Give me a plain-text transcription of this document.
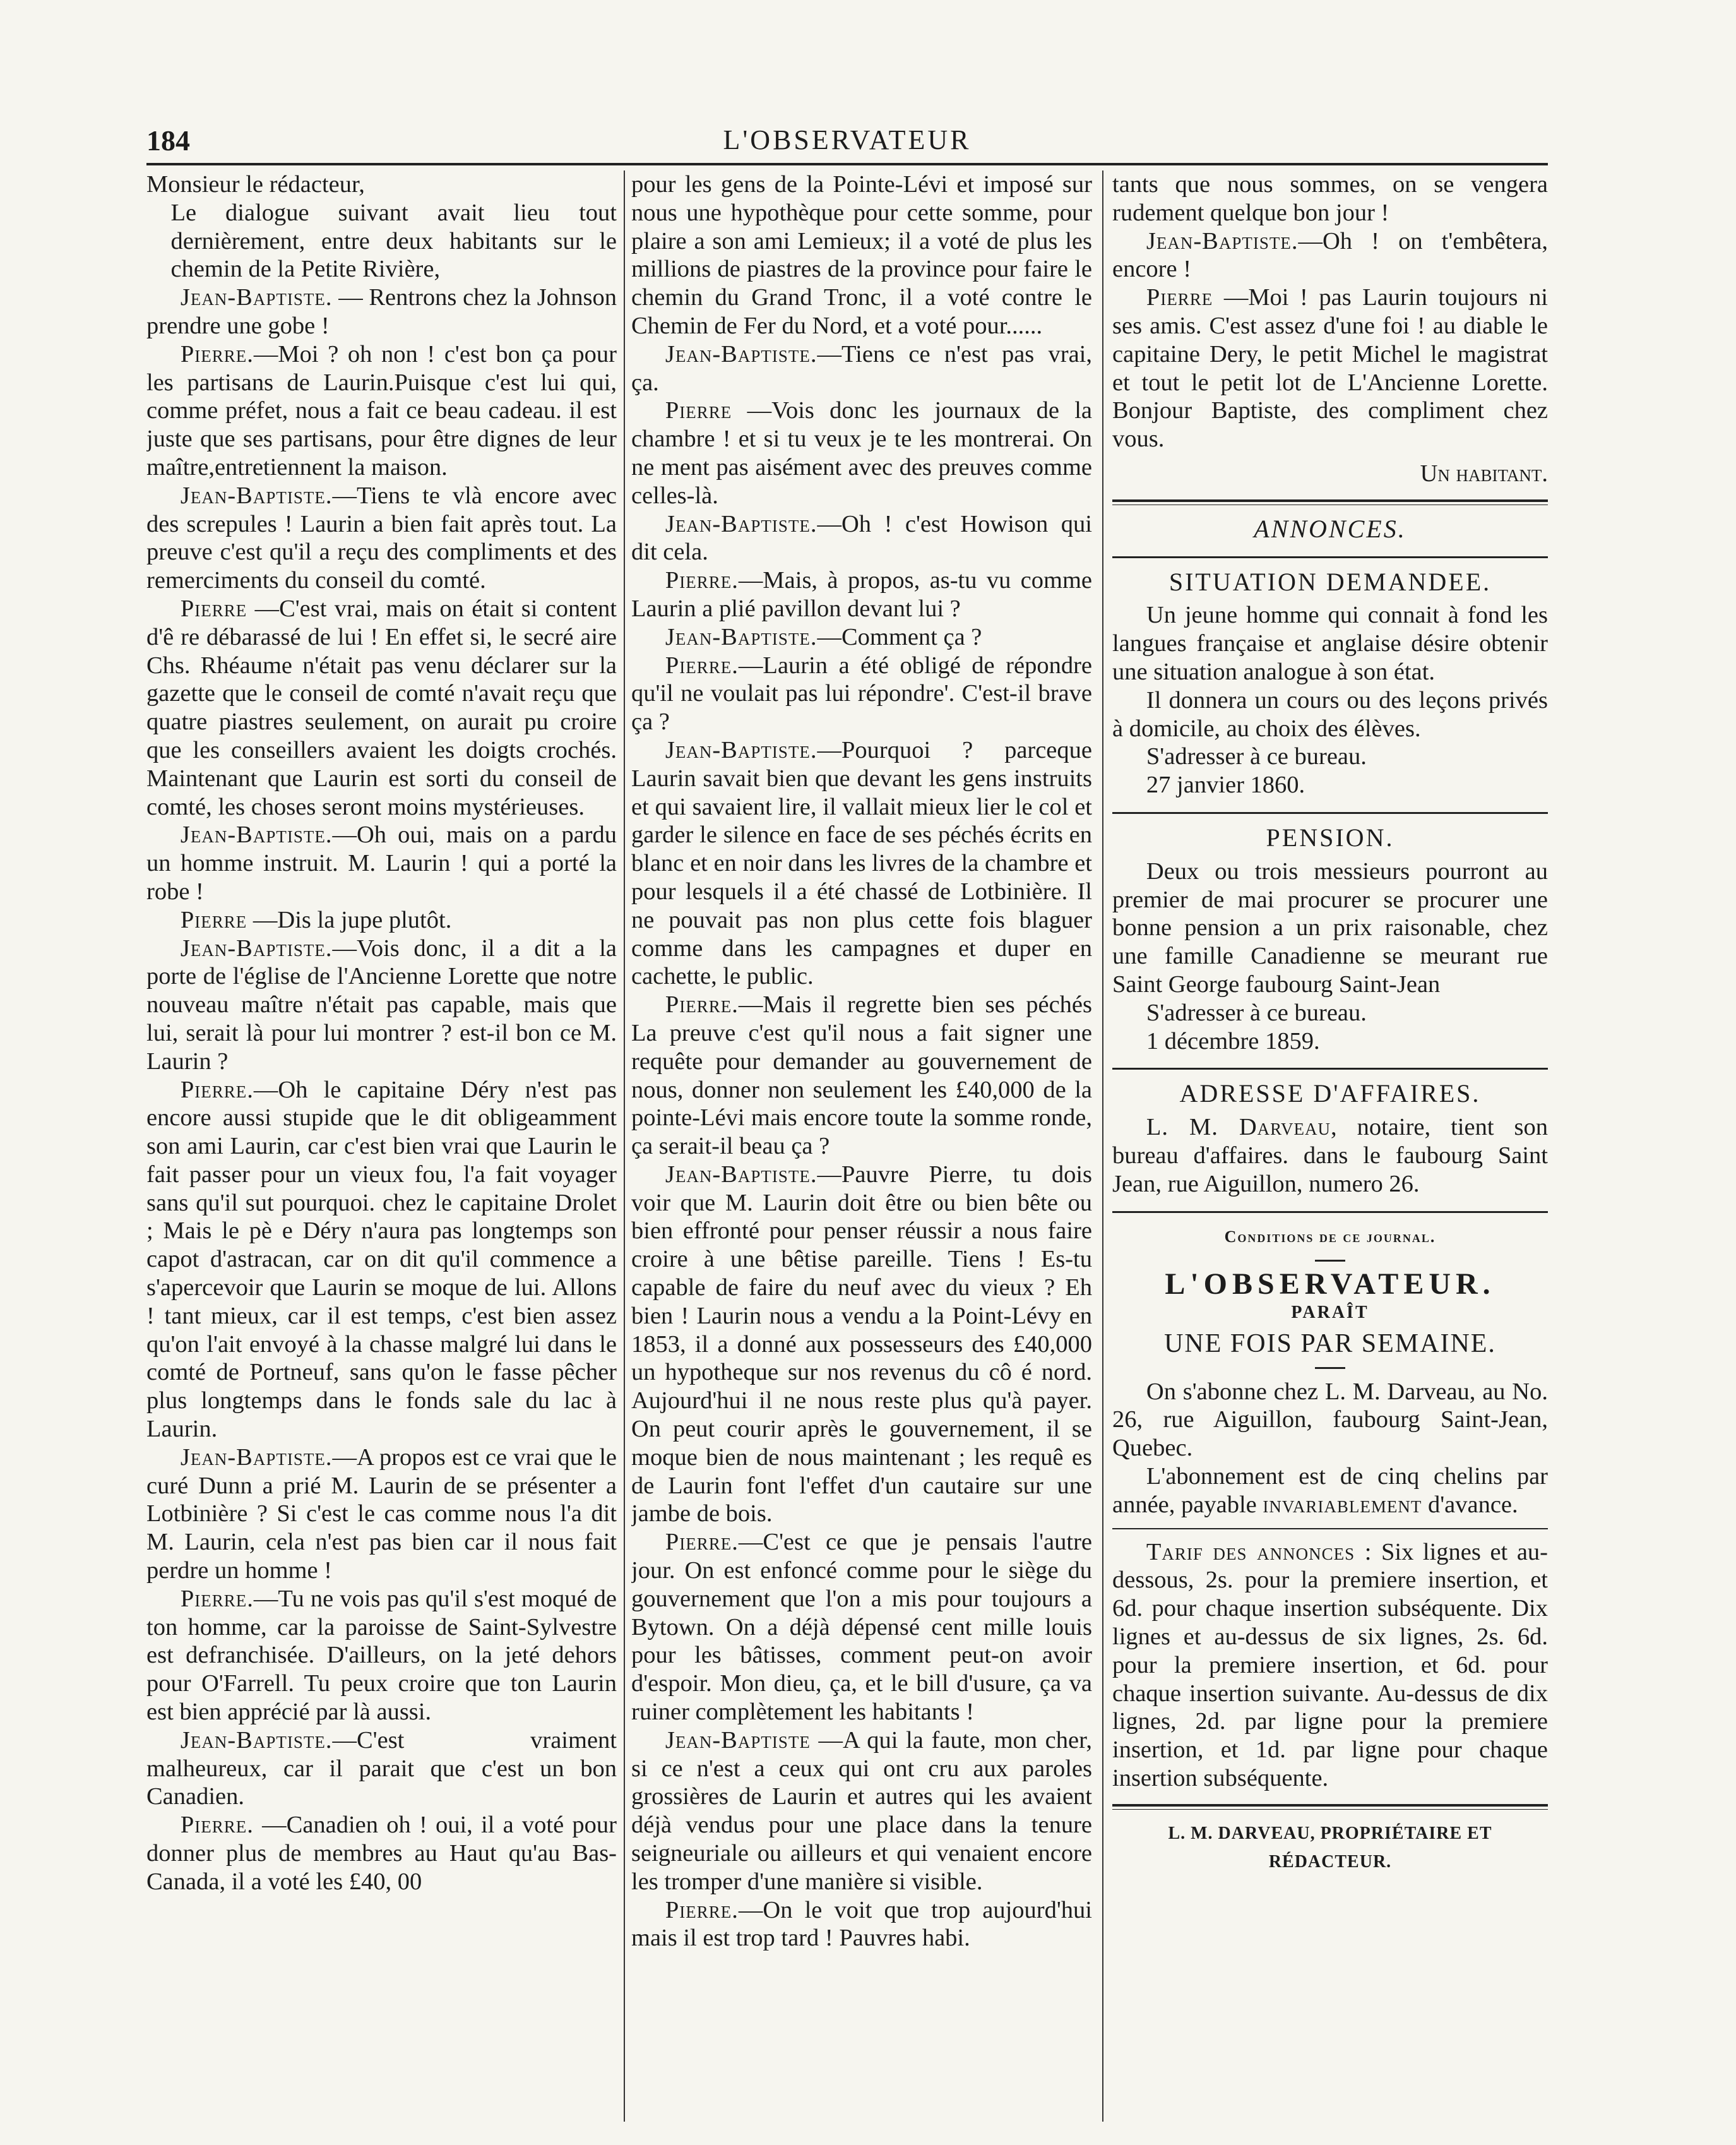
184	L'OBSERVATEUR

Monsieur le rédacteur,

Le dialogue suivant avait lieu tout dernièrement, entre deux habitants sur le chemin de la Petite Rivière,

Jean-Baptiste. — Rentrons chez la Johnson prendre une gobe !

Pierre.—Moi ? oh non ! c'est bon ça pour les partisans de Laurin.Puisque c'est lui qui, comme préfet, nous a fait ce beau cadeau. il est juste que ses partisans, pour être dignes de leur maître,entretiennent la maison.

Jean-Baptiste.—Tiens te vlà encore avec des screpules ! Laurin a bien fait après tout. La preuve c'est qu'il a reçu des compliments et des remerciments du conseil du comté.

Pierre —C'est vrai, mais on était si content d'ê re débarassé de lui ! En effet si, le secré aire Chs. Rhéaume n'était pas venu déclarer sur la gazette que le conseil de comté n'avait reçu que quatre piastres seulement, on aurait pu croire que les conseillers avaient les doigts crochés. Maintenant que Laurin est sorti du conseil de comté, les choses seront moins mystérieuses.

Jean-Baptiste.—Oh oui, mais on a pardu un homme instruit. M. Laurin ! qui a porté la robe !

Pierre —Dis la jupe plutôt.

Jean-Baptiste.—Vois donc, il a dit a la porte de l'église de l'Ancienne Lorette que notre nouveau maître n'était pas capable, mais que lui, serait là pour lui montrer ? est-il bon ce M. Laurin ?

Pierre.—Oh le capitaine Déry n'est pas encore aussi stupide que le dit obligeamment son ami Laurin, car c'est bien vrai que Laurin le fait passer pour un vieux fou, l'a fait voyager sans qu'il sut pourquoi. chez le capitaine Drolet ; Mais le pè e Déry n'aura pas longtemps son capot d'astracan, car on dit qu'il commence a s'apercevoir que Laurin se moque de lui. Allons ! tant mieux, car il est temps, c'est bien assez qu'on l'ait envoyé à la chasse malgré lui dans le comté de Portneuf, sans qu'on le fasse pêcher plus longtemps dans le fonds sale du lac à Laurin.

Jean-Baptiste.—A propos est ce vrai que le curé Dunn a prié M. Laurin de se présenter a Lotbinière ? Si c'est le cas comme nous l'a dit M. Laurin, cela n'est pas bien car il nous fait perdre un homme !

Pierre.—Tu ne vois pas qu'il s'est moqué de ton homme, car la paroisse de Saint-Sylvestre est defranchisée. D'ailleurs, on la jeté dehors pour O'Farrell. Tu peux croire que ton Laurin est bien apprécié par là aussi.

Jean-Baptiste.—C'est vraiment malheureux, car il parait que c'est un bon Canadien.

Pierre. —Canadien oh ! oui, il a voté pour donner plus de membres au Haut qu'au Bas-Canada, il a voté les £40, 00

pour les gens de la Pointe-Lévi et imposé sur nous une hypothèque pour cette somme, pour plaire a son ami Lemieux; il a voté de plus les millions de piastres de la province pour faire le chemin du Grand Tronc, il a voté contre le Chemin de Fer du Nord, et a voté pour......

Jean-Baptiste.—Tiens ce n'est pas vrai, ça.

Pierre —Vois donc les journaux de la chambre ! et si tu veux je te les montrerai. On ne ment pas aisément avec des preuves comme celles-là.

Jean-Baptiste.—Oh ! c'est Howison qui dit cela.

Pierre.—Mais, à propos, as-tu vu comme Laurin a plié pavillon devant lui ?

Jean-Baptiste.—Comment ça ?

Pierre.—Laurin a été obligé de répondre qu'il ne voulait pas lui répondre'. C'est-il brave ça ?

Jean-Baptiste.—Pourquoi ? parceque Laurin savait bien que devant les gens instruits et qui savaient lire, il vallait mieux lier le col et garder le silence en face de ses péchés écrits en blanc et en noir dans les livres de la chambre et pour lesquels il a été chassé de Lotbinière. Il ne pouvait pas non plus cette fois blaguer comme dans les campagnes et duper en cachette, le public.

Pierre.—Mais il regrette bien ses péchés La preuve c'est qu'il nous a fait signer une requête pour demander au gouvernement de nous, donner non seulement les £40,000 de la pointe-Lévi mais encore toute la somme ronde, ça serait-il beau ça ?

Jean-Baptiste.—Pauvre Pierre, tu dois voir que M. Laurin doit être ou bien bête ou bien effronté pour penser réussir a nous faire croire à une bêtise pareille. Tiens ! Es-tu capable de faire du neuf avec du vieux ? Eh bien ! Laurin nous a vendu a la Point-Lévy en 1853, il a donné aux possesseurs des £40,000 un hypotheque sur nos revenus du cô é nord. Aujourd'hui il ne nous reste plus qu'à payer. On peut courir après le gouvernement, il se moque bien de nous maintenant ; les requê es de Laurin font l'effet d'un cautaire sur une jambe de bois.

Pierre.—C'est ce que je pensais l'autre jour. On est enfoncé comme pour le siège du gouvernement que l'on a mis pour toujours a Bytown. On a déjà dépensé cent mille louis pour les bâtisses, comment peut-on avoir d'espoir. Mon dieu, ça, et le bill d'usure, ça va ruiner complètement les habitants !

Jean-Baptiste —A qui la faute, mon cher, si ce n'est a ceux qui ont cru aux paroles grossières de Laurin et autres qui les avaient déjà vendus pour une place dans la tenure seigneuriale ou ailleurs et qui venaient encore les tromper d'une manière si visible.

Pierre.—On le voit que trop aujourd'hui mais il est trop tard ! Pauvres habi.

tants que nous sommes, on se vengera rudement quelque bon jour !

Jean-Baptiste.—Oh ! on t'embêtera, encore !

Pierre —Moi ! pas Laurin toujours ni ses amis. C'est assez d'une foi ! au diable le capitaine Dery, le petit Michel le magistrat et tout le petit lot de L'Ancienne Lorette. Bonjour Baptiste, des compliment chez vous.

Un habitant.
ANNONCES.
SITUATION DEMANDEE.

Un jeune homme qui connait à fond les langues française et anglaise désire obtenir une situation analogue à son état.

Il donnera un cours ou des leçons privés à domicile, au choix des élèves.

S'adresser à ce bureau.

27 janvier 1860.

PENSION.

Deux ou trois messieurs pourront au premier de mai procurer se procurer une bonne pension a un prix raisonable, chez une famille Canadienne se meurant rue Saint George faubourg Saint-Jean

S'adresser à ce bureau.

1 décembre 1859.

ADRESSE D'AFFAIRES.

L. M. Darveau, notaire, tient son bureau d'affaires. dans le faubourg Saint Jean, rue Aiguillon, numero 26.

Conditions de ce journal.
L'OBSERVATEUR.
PARAÎT
UNE FOIS PAR SEMAINE.

On s'abonne chez L. M. Darveau, au No. 26, rue Aiguillon, faubourg Saint-Jean, Quebec.

L'abonnement est de cinq chelins par année, payable invariablement d'avance.

Tarif des annonces : Six lignes et au-dessous, 2s. pour la premiere insertion, et 6d. pour chaque insertion subséquente. Dix lignes et au-dessus de six lignes, 2s. 6d. pour la premiere insertion, et 6d. pour chaque insertion suivante. Au-dessus de dix lignes, 2d. par ligne pour la premiere insertion, et 1d. par ligne pour chaque insertion subséquente.

L. M. DARVEAU, PROPRIÉTAIRE ET RÉDACTEUR.
